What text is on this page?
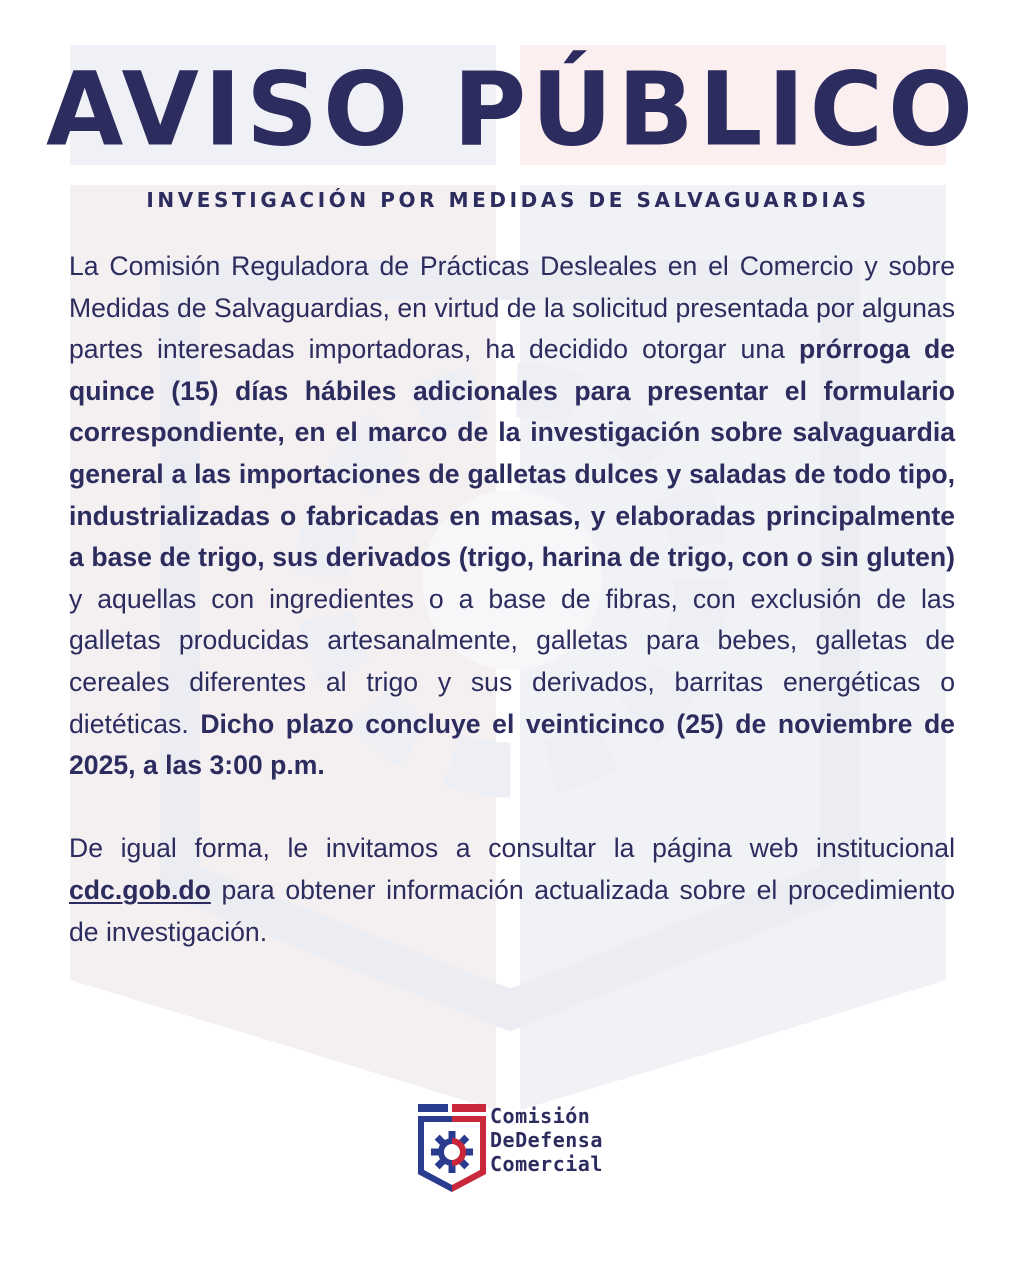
AVISO PÚBLICO
INVESTIGACIÓN POR MEDIDAS DE SALVAGUARDIAS

La Comisión Reguladora de Prácticas Desleales en el Comercio y sobre Medidas de Salvaguardias, en virtud de la solicitud presentada por algunas partes interesadas importadoras, ha decidido otorgar una prórroga de quince (15) días hábiles adicionales para presentar el formulario correspondiente, en el marco de la investigación sobre salvaguardia general a las importaciones de galletas dulces y saladas de todo tipo, industrializadas o fabricadas en masas, y elaboradas principalmente a base de trigo, sus derivados (trigo, harina de trigo, con o sin gluten) y aquellas con ingredientes o a base de fibras, con exclusión de las galletas producidas artesanalmente, galletas para bebes, galletas de cereales diferentes al trigo y sus derivados, barritas energéticas o dietéticas. Dicho plazo concluye el veinticinco (25) de noviembre de 2025, a las 3:00 p.m.

De igual forma, le invitamos a consultar la página web institucional cdc.gob.do para obtener información actualizada sobre el procedimiento de investigación.

Comisión
DeDefensa
Comercial
